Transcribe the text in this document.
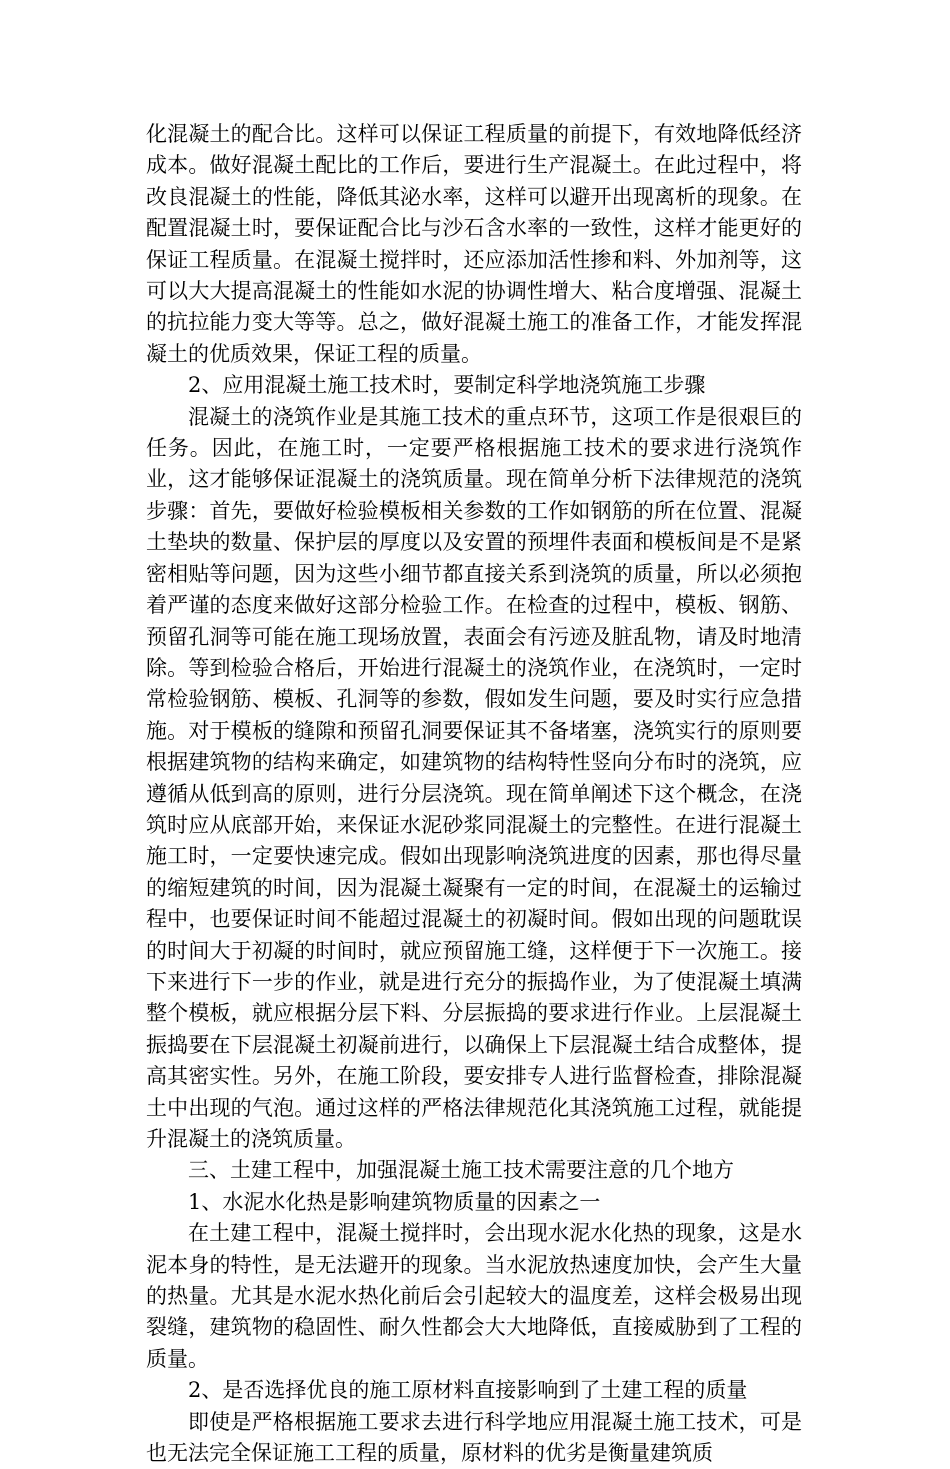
化混凝土的配合比。这样可以保证工程质量的前提下，有效地降低经济成本。做好混凝土配比的工作后，要进行生产混凝土。在此过程中，将改良混凝土的性能，降低其泌水率，这样可以避开出现离析的现象。在配置混凝土时，要保证配合比与沙石含水率的一致性，这样才能更好的保证工程质量。在混凝土搅拌时，还应添加活性掺和料、外加剂等，这可以大大提高混凝土的性能如水泥的协调性增大、粘合度增强、混凝土的抗拉能力变大等等。总之，做好混凝土施工的准备工作，才能发挥混凝土的优质效果，保证工程的质量。

2、应用混凝土施工技术时，要制定科学地浇筑施工步骤

混凝土的浇筑作业是其施工技术的重点环节，这项工作是很艰巨的任务。因此，在施工时，一定要严格根据施工技术的要求进行浇筑作业，这才能够保证混凝土的浇筑质量。现在简单分析下法律规范的浇筑步骤：首先，要做好检验模板相关参数的工作如钢筋的所在位置、混凝土垫块的数量、保护层的厚度以及安置的预埋件表面和模板间是不是紧密相贴等问题，因为这些小细节都直接关系到浇筑的质量，所以必须抱着严谨的态度来做好这部分检验工作。在检查的过程中，模板、钢筋、预留孔洞等可能在施工现场放置，表面会有污迹及脏乱物，请及时地清除。等到检验合格后，开始进行混凝土的浇筑作业，在浇筑时，一定时常检验钢筋、模板、孔洞等的参数，假如发生问题，要及时实行应急措施。对于模板的缝隙和预留孔洞要保证其不备堵塞，浇筑实行的原则要根据建筑物的结构来确定，如建筑物的结构特性竖向分布时的浇筑，应遵循从低到高的原则，进行分层浇筑。现在简单阐述下这个概念，在浇筑时应从底部开始，来保证水泥砂浆同混凝土的完整性。在进行混凝土施工时，一定要快速完成。假如出现影响浇筑进度的因素，那也得尽量的缩短建筑的时间，因为混凝土凝聚有一定的时间，在混凝土的运输过程中，也要保证时间不能超过混凝土的初凝时间。假如出现的问题耽误的时间大于初凝的时间时，就应预留施工缝，这样便于下一次施工。接下来进行下一步的作业，就是进行充分的振捣作业，为了使混凝土填满整个模板，就应根据分层下料、分层振捣的要求进行作业。上层混凝土振捣要在下层混凝土初凝前进行，以确保上下层混凝土结合成整体，提高其密实性。另外，在施工阶段，要安排专人进行监督检查，排除混凝土中出现的气泡。通过这样的严格法律规范化其浇筑施工过程，就能提升混凝土的浇筑质量。

三、土建工程中，加强混凝土施工技术需要注意的几个地方

1、水泥水化热是影响建筑物质量的因素之一

在土建工程中，混凝土搅拌时，会出现水泥水化热的现象，这是水泥本身的特性，是无法避开的现象。当水泥放热速度加快，会产生大量的热量。尤其是水泥水热化前后会引起较大的温度差，这样会极易出现裂缝，建筑物的稳固性、耐久性都会大大地降低，直接威胁到了工程的质量。

2、是否选择优良的施工原材料直接影响到了土建工程的质量

即使是严格根据施工要求去进行科学地应用混凝土施工技术，可是也无法完全保证施工工程的质量，原材料的优劣是衡量建筑质
